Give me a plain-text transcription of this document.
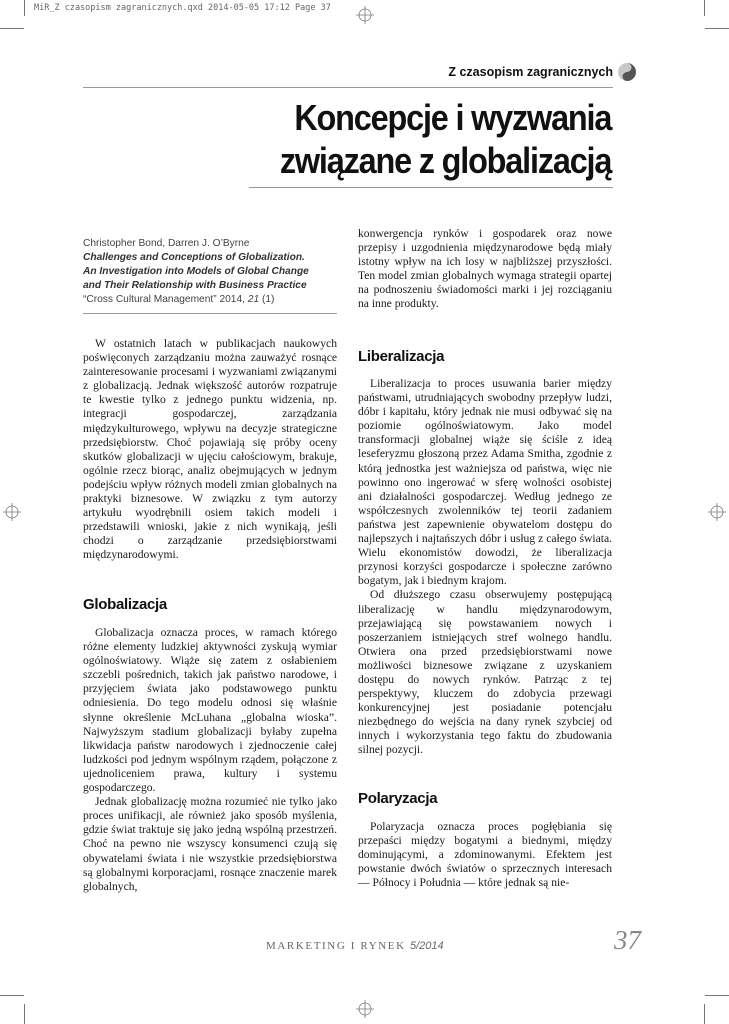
MiR_Z czasopism zagranicznych.qxd 2014-05-05 17:12 Page 37
Z czasopism zagranicznych
Koncepcje i wyzwania
związane z globalizacją
Christopher Bond, Darren J. O’Byrne
Challenges and Conceptions of Globalization.
An Investigation into Models of Global Change
and Their Relationship with Business Practice
“Cross Cultural Management” 2014, 21 (1)

W ostatnich latach w publikacjach naukowych poświęconych zarządzaniu można zauważyć rosnące zainteresowanie procesami i wyzwaniami związanymi z globalizacją. Jednak większość autorów rozpatruje te kwestie tylko z jednego punktu widzenia, np. integracji gospodarczej, zarządzania międzykulturowego, wpływu na decyzje strategiczne przedsiębiorstw. Choć pojawiają się próby oceny skutków globalizacji w ujęciu całościowym, brakuje, ogólnie rzecz biorąc, analiz obejmujących w jednym podejściu wpływ różnych modeli zmian globalnych na praktyki biznesowe. W związku z tym autorzy artykułu wyodrębnili osiem takich modeli i przedstawili wnioski, jakie z nich wynikają, jeśli chodzi o zarządzanie przedsiębiorstwami międzynarodowymi.

Globalizacja

Globalizacja oznacza proces, w ramach którego różne elementy ludzkiej aktywności zyskują wymiar ogólnoświatowy. Wiąże się zatem z osłabieniem szczebli pośrednich, takich jak państwo narodowe, i przyjęciem świata jako podstawowego punktu odniesienia. Do tego modelu odnosi się właśnie słynne określenie McLuhana „globalna wioska”. Najwyższym stadium globalizacji byłaby zupełna likwidacja państw narodowych i zjednoczenie całej ludzkości pod jednym wspólnym rządem, połączone z ujednoliceniem prawa, kultury i systemu gospodarczego.

Jednak globalizację można rozumieć nie tylko jako proces unifikacji, ale również jako sposób myślenia, gdzie świat traktuje się jako jedną wspólną przestrzeń. Choć na pewno nie wszyscy konsumenci czują się obywatelami świata i nie wszystkie przedsiębiorstwa są globalnymi korporacjami, rosnące znaczenie marek globalnych,

konwergencja rynków i gospodarek oraz nowe przepisy i uzgodnienia międzynarodowe będą miały istotny wpływ na ich losy w najbliższej przyszłości. Ten model zmian globalnych wymaga strategii opartej na podnoszeniu świadomości marki i jej rozciąganiu na inne produkty.

Liberalizacja

Liberalizacja to proces usuwania barier między państwami, utrudniających swobodny przepływ ludzi, dóbr i kapitału, który jednak nie musi odbywać się na poziomie ogólnoświatowym. Jako model transformacji globalnej wiąże się ściśle z ideą leseferyzmu głoszoną przez Adama Smitha, zgodnie z którą jednostka jest ważniejsza od państwa, więc nie powinno ono ingerować w sferę wolności osobistej ani działalności gospodarczej. Według jednego ze współczesnych zwolenników tej teorii zadaniem państwa jest zapewnienie obywatelom dostępu do najlepszych i najtańszych dóbr i usług z całego świata. Wielu ekonomistów dowodzi, że liberalizacja przynosi korzyści gospodarcze i społeczne zarówno bogatym, jak i biednym krajom.

Od dłuższego czasu obserwujemy postępującą liberalizację w handlu międzynarodowym, przejawiającą się powstawaniem nowych i poszerzaniem istniejących stref wolnego handlu. Otwiera ona przed przedsiębiorstwami nowe możliwości biznesowe związane z uzyskaniem dostępu do nowych rynków. Patrząc z tej perspektywy, kluczem do zdobycia przewagi konkurencyjnej jest posiadanie potencjału niezbędnego do wejścia na dany rynek szybciej od innych i wykorzystania tego faktu do zbudowania silnej pozycji.

Polaryzacja

Polaryzacja oznacza proces pogłębiania się przepaści między bogatymi a biednymi, między dominującymi, a zdominowanymi. Efektem jest powstanie dwóch światów o sprzecznych interesach — Północy i Południa — które jednak są nie-

MARKETING I RYNEK 5/2014	37
